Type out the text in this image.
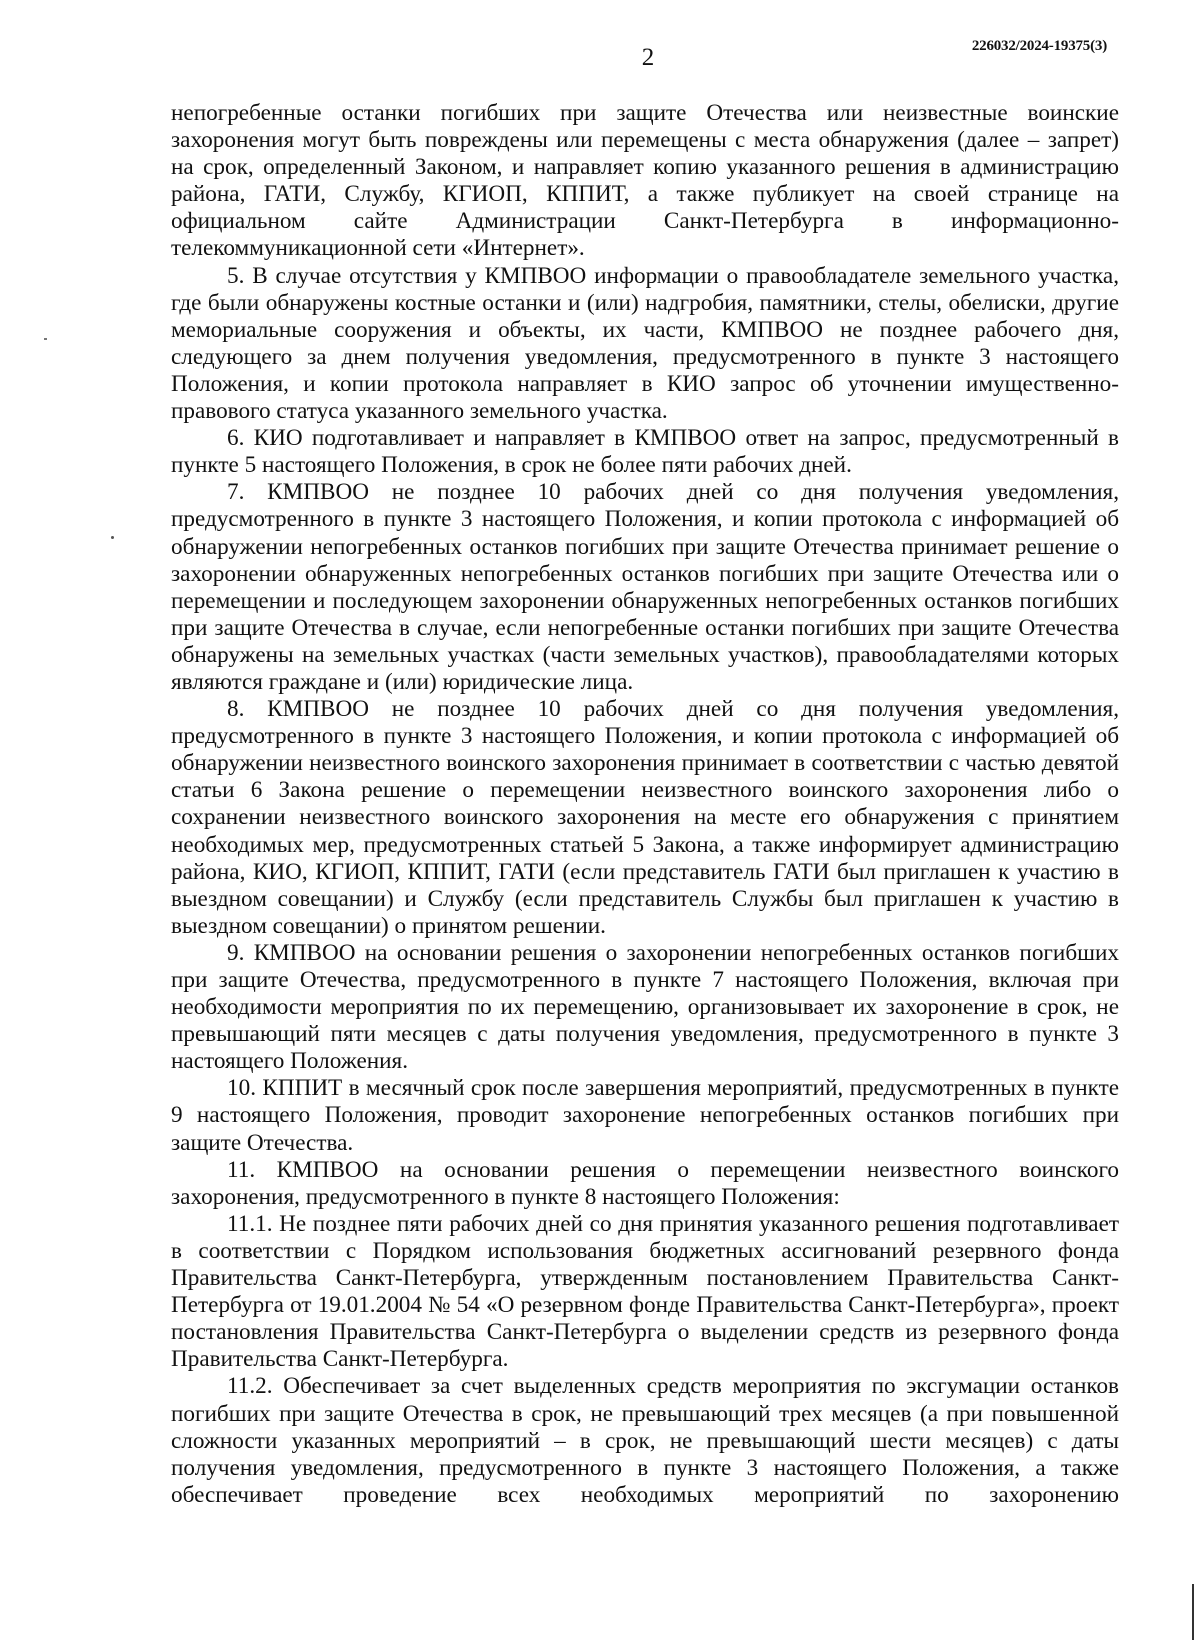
2	226032/2024-19375(3)

непогребенные останки погибших при защите Отечества или неизвестные воинские захоронения могут быть повреждены или перемещены с места обнаружения (далее – запрет) на срок, определенный Законом, и направляет копию указанного решения в администрацию района, ГАТИ, Службу, КГИОП, КППИТ, а также публикует на своей странице на официальном сайте Администрации Санкт-Петербурга в информационно-телекоммуникационной сети «Интернет».

5. В случае отсутствия у КМПВОО информации о правообладателе земельного участка, где были обнаружены костные останки и (или) надгробия, памятники, стелы, обелиски, другие мемориальные сооружения и объекты, их части, КМПВОО не позднее рабочего дня, следующего за днем получения уведомления, предусмотренного в пункте 3 настоящего Положения, и копии протокола направляет в КИО запрос об уточнении имущественно-правового статуса указанного земельного участка.

6. КИО подготавливает и направляет в КМПВОО ответ на запрос, предусмотренный в пункте 5 настоящего Положения, в срок не более пяти рабочих дней.

7. КМПВОО не позднее 10 рабочих дней со дня получения уведомления, предусмотренного в пункте 3 настоящего Положения, и копии протокола с информацией об обнаружении непогребенных останков погибших при защите Отечества принимает решение о захоронении обнаруженных непогребенных останков погибших при защите Отечества или о перемещении и последующем захоронении обнаруженных непогребенных останков погибших при защите Отечества в случае, если непогребенные останки погибших при защите Отечества обнаружены на земельных участках (части земельных участков), правообладателями которых являются граждане и (или) юридические лица.

8. КМПВОО не позднее 10 рабочих дней со дня получения уведомления, предусмотренного в пункте 3 настоящего Положения, и копии протокола с информацией об обнаружении неизвестного воинского захоронения принимает в соответствии с частью девятой статьи 6 Закона решение о перемещении неизвестного воинского захоронения либо о сохранении неизвестного воинского захоронения на месте его обнаружения с принятием необходимых мер, предусмотренных статьей 5 Закона, а также информирует администрацию района, КИО, КГИОП, КППИТ, ГАТИ (если представитель ГАТИ был приглашен к участию в выездном совещании) и Службу (если представитель Службы был приглашен к участию в выездном совещании) о принятом решении.

9. КМПВОО на основании решения о захоронении непогребенных останков погибших при защите Отечества, предусмотренного в пункте 7 настоящего Положения, включая при необходимости мероприятия по их перемещению, организовывает их захоронение в срок, не превышающий пяти месяцев с даты получения уведомления, предусмотренного в пункте 3 настоящего Положения.

10. КППИТ в месячный срок после завершения мероприятий, предусмотренных в пункте 9 настоящего Положения, проводит захоронение непогребенных останков погибших при защите Отечества.

11. КМПВОО на основании решения о перемещении неизвестного воинского захоронения, предусмотренного в пункте 8 настоящего Положения:

11.1. Не позднее пяти рабочих дней со дня принятия указанного решения подготавливает в соответствии с Порядком использования бюджетных ассигнований резервного фонда Правительства Санкт-Петербурга, утвержденным постановлением Правительства Санкт-Петербурга от 19.01.2004 № 54 «О резервном фонде Правительства Санкт-Петербурга», проект постановления Правительства Санкт-Петербурга о выделении средств из резервного фонда Правительства Санкт-Петербурга.

11.2. Обеспечивает за счет выделенных средств мероприятия по эксгумации останков погибших при защите Отечества в срок, не превышающий трех месяцев (а при повышенной сложности указанных мероприятий – в срок, не превышающий шести месяцев) с даты получения уведомления, предусмотренного в пункте 3 настоящего Положения, а также обеспечивает проведение всех необходимых мероприятий по захоронению
